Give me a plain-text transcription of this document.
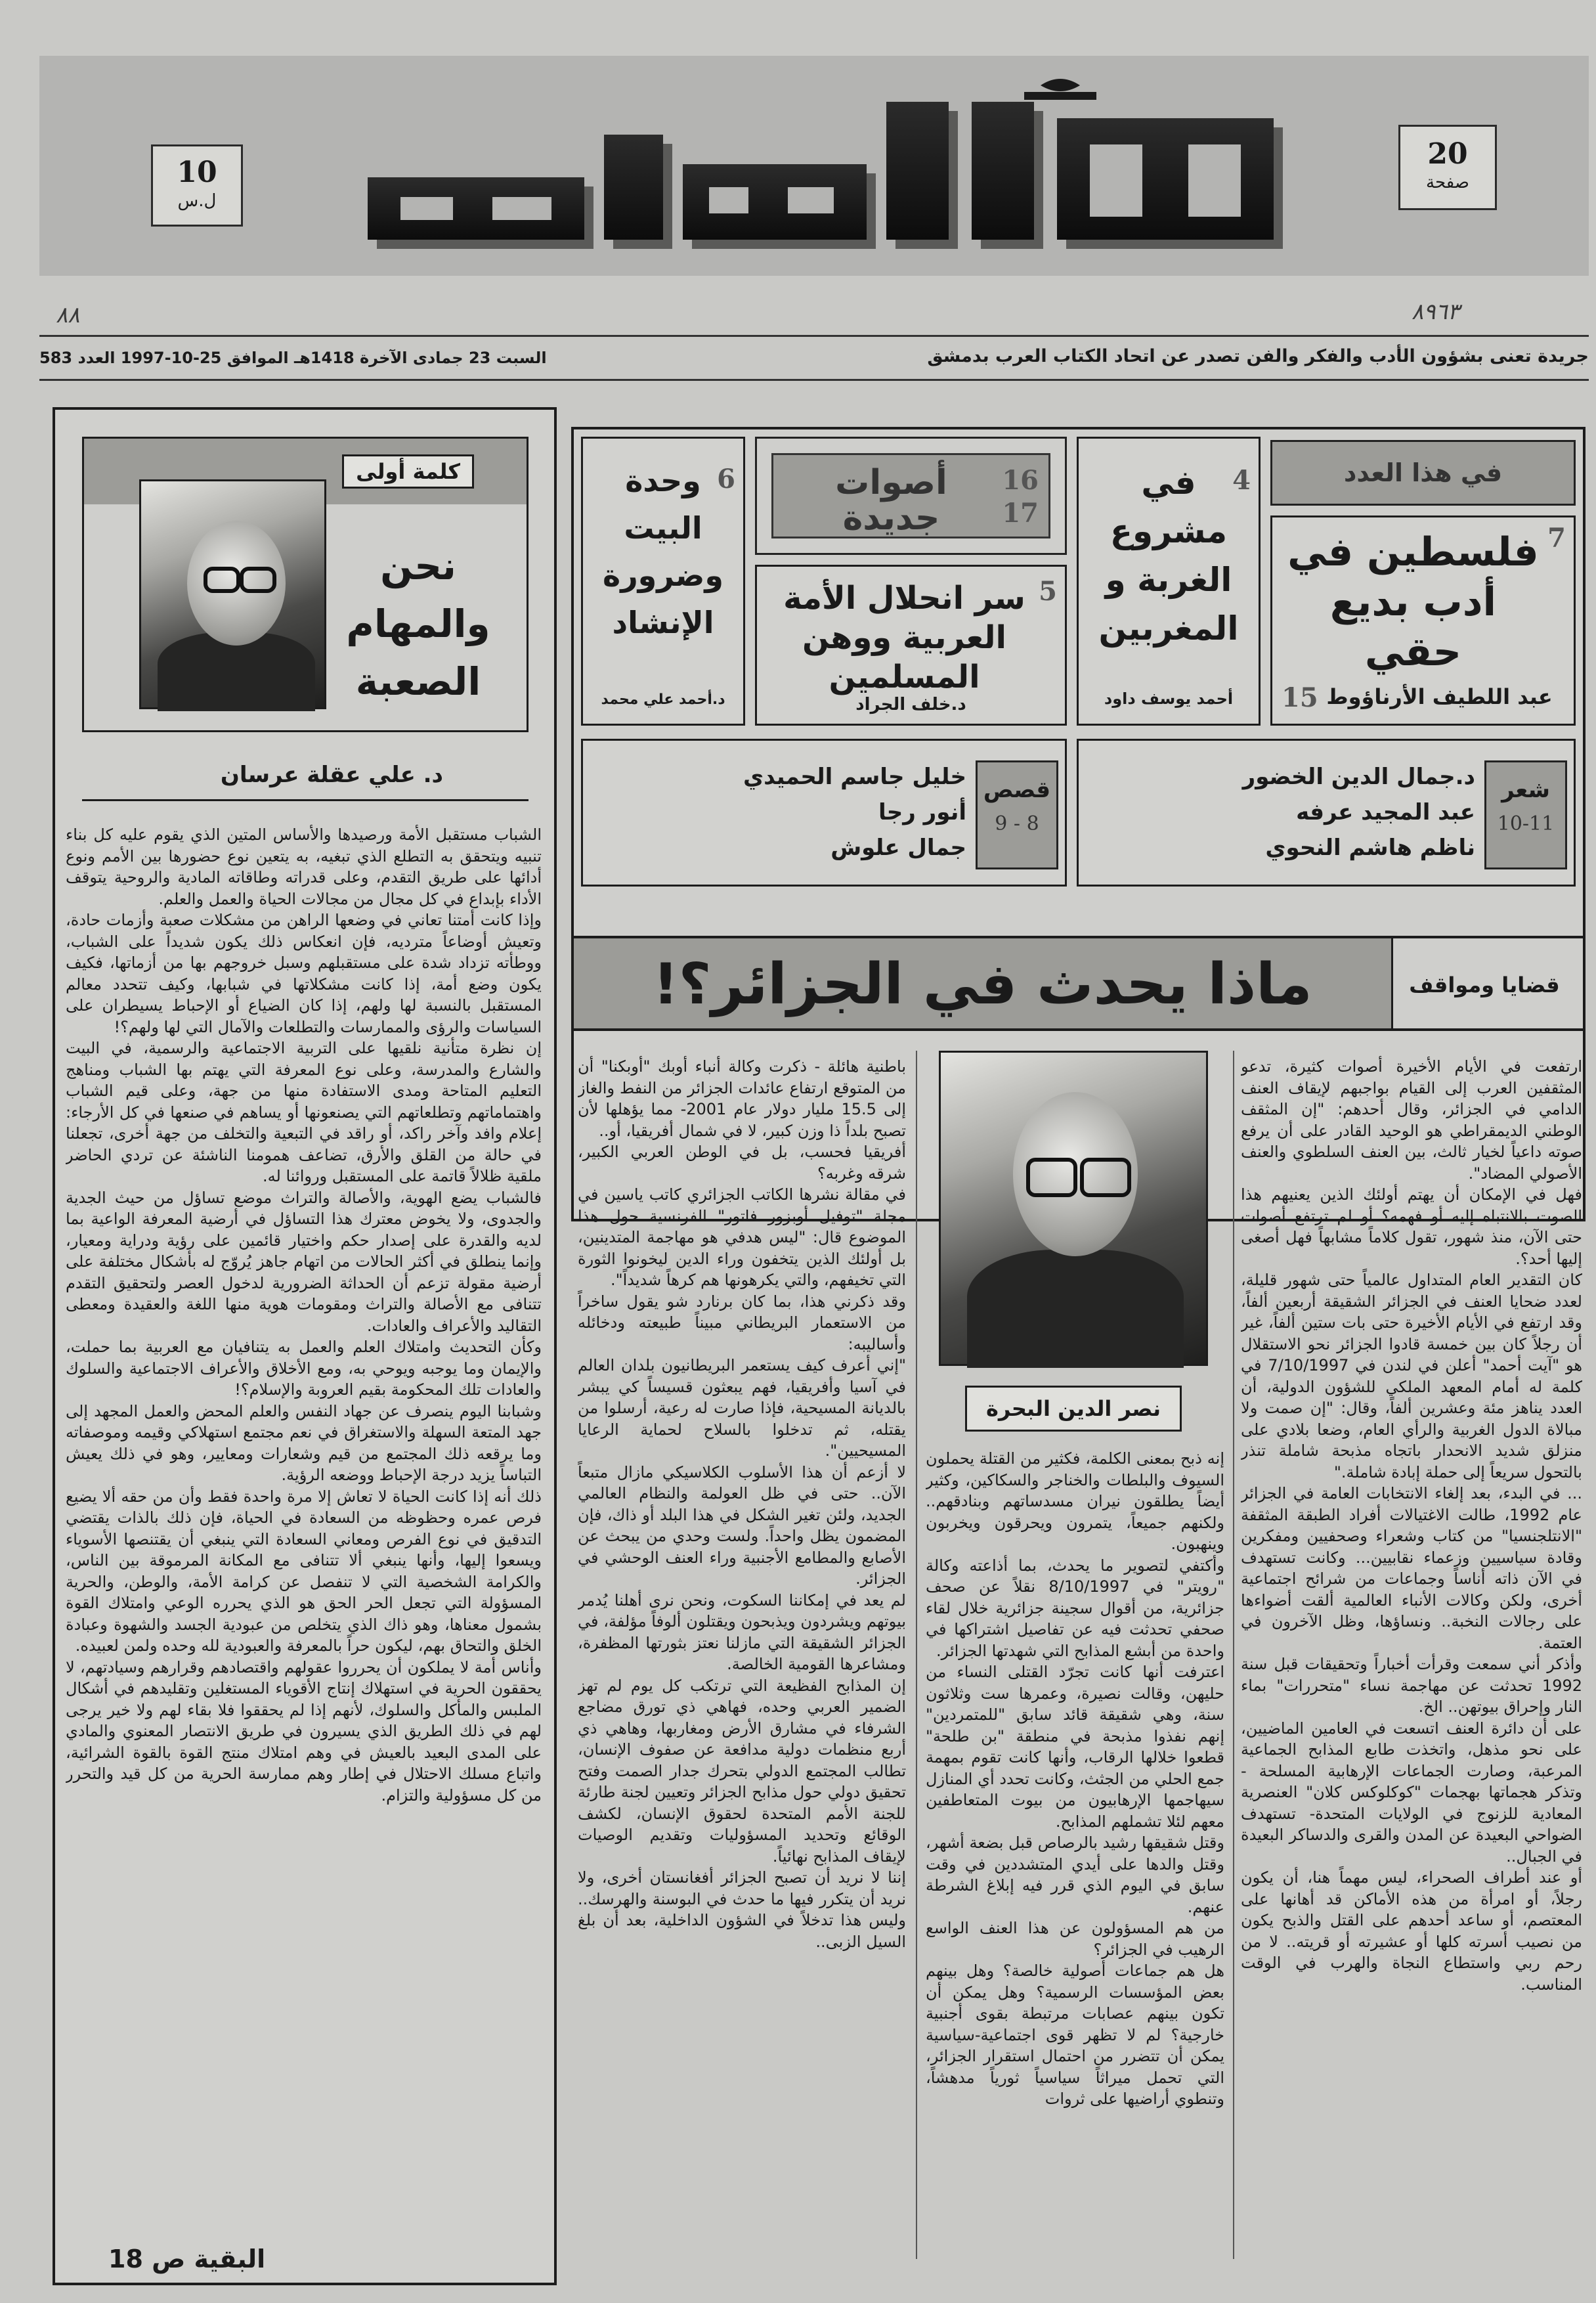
20
صفحة
10
ل.س
٨٨	٨٩٦٣
جريدة تعنى بشؤون الأدب والفكر والفن تصدر عن اتحاد الكتاب العرب بدمشق
السبت 23 جمادى الآخرة 1418هـ الموافق 25-10-1997 العدد 583
في هذا العدد
7
فلسطين في أدب بديع حقي
15 عبد اللطيف الأرناؤوط
4
في مشروع الغربة و المغربين
أحمد يوسف داود
16
17
أصوات جديدة
5
سر انحلال الأمة العربية ووهن المسلمين
د.خلف الجراد
6
وحدة البيت وضرورة الإنشاد
د.أحمد علي محمد
شعر
10-11
د.جمال الدين الخضور
عبد المجيد عرفه
ناظم هاشم النحوي
قصص
8 - 9
خليل جاسم الحميدي
أنور رجا
جمال علوش
كلمة أولى
نحن والمهام الصعبة
د. علي عقلة عرسان

الشباب مستقبل الأمة ورصيدها والأساس المتين الذي يقوم عليه كل بناء تنبيه ويتحقق به التطلع الذي تبغيه، به يتعين نوع حضورها بين الأمم ونوع أدائها على طريق التقدم، وعلى قدراته وطاقاته المادية والروحية يتوقف الأداء بإبداع في كل مجال من مجالات الحياة والعمل والعلم.

وإذا كانت أمتنا تعاني في وضعها الراهن من مشكلات صعبة وأزمات حادة، وتعيش أوضاعاً مترديه، فإن انعكاس ذلك يكون شديداً على الشباب، ووطأته تزداد شدة على مستقبلهم وسبل خروجهم بها من أزماتها، فكيف يكون وضع أمة، إذا كانت مشكلاتها في شبابها، وكيف تتحدد معالم المستقبل بالنسبة لها ولهم، إذا كان الضياع أو الإحباط يسيطران على السياسات والرؤى والممارسات والتطلعات والآمال التي لها ولهم؟!

إن نظرة متأنية نلقيها على التربية الاجتماعية والرسمية، في البيت والشارع والمدرسة، وعلى نوع المعرفة التي يهتم بها الشباب ومناهج التعليم المتاحة ومدى الاستفادة منها من جهة، وعلى قيم الشباب واهتماماتهم وتطلعاتهم التي يصنعونها أو يساهم في صنعها في كل الأرجاء: إعلام وافد وآخر راكد، أو راقد في التبعية والتخلف من جهة أخرى، تجعلنا في حالة من القلق والأرق، تضاعف همومنا الناشئة عن تردي الحاضر ملقية ظلالاً قاتمة على المستقبل وروائنا له.

فالشباب يضع الهوية، والأصالة والتراث موضع تساؤل من حيث الجدية والجدوى، ولا يخوض معترك هذا التساؤل في أرضية المعرفة الواعية بما لديه والقدرة على إصدار حكم واختيار قائمين على رؤية ودراية ومعيار، وإنما ينطلق في أكثر الحالات من اتهام جاهز يُروّج له بأشكال مختلفة على أرضية مقولة تزعم أن الحداثة الضرورية لدخول العصر ولتحقيق التقدم تتنافى مع الأصالة والتراث ومقومات هوية منها اللغة والعقيدة ومعطى التقاليد والأعراف والعادات.

وكأن التحديث وامتلاك العلم والعمل به يتنافيان مع العربية بما حملت، والإيمان وما يوجبه ويوحي به، ومع الأخلاق والأعراف الاجتماعية والسلوك والعادات تلك المحكومة بقيم العروبة والإسلام؟!

وشبابنا اليوم ينصرف عن جهاد النفس والعلم المحض والعمل المجهد إلى جهد المتعة السهلة والاستغراق في نعم مجتمع استهلاكي وقيمه وموصفاته وما يرقعه ذلك المجتمع من قيم وشعارات ومعايير، وهو في ذلك يعيش التباساً يزيد درجة الإحباط ووضعه الرؤية.

ذلك أنه إذا كانت الحياة لا تعاش إلا مرة واحدة فقط وأن من حقه ألا يضيع فرص عمره وحظوظه من السعادة في الحياة، فإن ذلك بالذات يقتضي التدقيق في نوع الفرص ومعاني السعادة التي ينبغي أن يقتنصها الأسوياء ويسعوا إليها، وأنها ينبغي ألا تتنافى مع المكانة المرموقة بين الناس، والكرامة الشخصية التي لا تنفصل عن كرامة الأمة، والوطن، والحرية المسؤولة التي تجعل الحر الحق هو الذي يحرره الوعي وامتلاك القوة بشمول معناها، وهو ذاك الذي يتخلص من عبودية الجسد والشهوة وعبادة الخلق والتحاق بهم، ليكون حراً بالمعرفة والعبودية لله وحده ولمن لعبيده.

وأناس أمة لا يملكون أن يحرروا عقولهم واقتصادهم وقرارهم وسيادتهم، لا يحققون الحرية في استهلاك إنتاج الأقوياء المستغلين وتقليدهم في أشكال الملبس والمأكل والسلوك، لأنهم إذا لم يحققوا فلا بقاء لهم ولا خير يرجى لهم في ذلك الطريق الذي يسيرون في طريق الانتصار المعنوي والمادي على المدى البعيد بالعيش في وهم امتلاك منتج القوة بالقوة الشرائية، واتباع مسلك الاحتلال في إطار وهم ممارسة الحرية من كل قيد والتحرر من كل مسؤولية والتزام.

البقية ص 18
قضايا ومواقف
ماذا يحدث في الجزائر؟!

ارتفعت في الأيام الأخيرة أصوات كثيرة، تدعو المثقفين العرب إلى القيام بواجبهم لإيقاف العنف الدامي في الجزائر، وقال أحدهم: "إن المثقف الوطني الديمقراطي هو الوحيد القادر على أن يرفع صوته داعياً لخيار ثالث، بين العنف السلطوي والعنف الأصولي المضاد".

فهل في الإمكان أن يهتم أولئك الذين يعنيهم هذا الصوت بالانتباه إليه أو فهمه؟ أو لم ترتفع أصوات حتى الآن، منذ شهور، تقول كلاماً مشابهاً فهل أصغى إليها أحد؟.

كان التقدير العام المتداول عالمياً حتى شهور قليلة، لعدد ضحايا العنف في الجزائر الشقيقة أربعين ألفاً، وقد ارتفع في الأيام الأخيرة حتى بات ستين ألفاً، غير أن رجلاً كان بين خمسة قادوا الجزائر نحو الاستقلال هو "آيت أحمد" أعلن في لندن في 7/10/1997 في كلمة له أمام المعهد الملكي للشؤون الدولية، أن العدد يناهز مئة وعشرين ألفاً، وقال: "إن صمت ولا مبالاة الدول الغربية والرأي العام، وضعا بلادي على منزلق شديد الانحدار باتجاه مذبحة شاملة تنذر بالتحول سريعاً إلى حملة إبادة شاملة."

... في البدء، بعد إلغاء الانتخابات العامة في الجزائر عام 1992، طالت الاغتيالات أفراد الطبقة المثقفة "الانتلجنسيا" من كتاب وشعراء وصحفيين ومفكرين وقادة سياسيين وزعماء نقابيين... وكانت تستهدف في الآن ذاته أناساً وجماعات من شرائح اجتماعية أخرى، ولكن وكالات الأنباء العالمية ألقت أضواءها على رجالات النخبة.. ونساؤها، وظل الآخرون في العتمة.

وأذكر أني سمعت وقرأت أخباراً وتحقيقات قبل سنة 1992 تحدثت عن مهاجمة نساء "متحررات" بماء النار وإحراق بيوتهن.. الخ.

على أن دائرة العنف اتسعت في العامين الماضيين، على نحو مذهل، واتخذت طابع المذابح الجماعية المرعبة، وصارت الجماعات الإرهابية المسلحة - وتذكر هجماتها بهجمات "كوكلوكس كلان" العنصرية المعادية للزنوج في الولايات المتحدة- تستهدف الضواحي البعيدة عن المدن والقرى والدساكر البعيدة في الجبال..

أو عند أطراف الصحراء، ليس مهماً هنا، أن يكون رجلاً، أو امرأة من هذه الأماكن قد أهانها على المعتصم، أو ساعد أحدهم على القتل والذبح يكون من نصيب أسرته كلها أو عشيرته أو قريته.. لا من رحم ربي واستطاع النجاة والهرب في الوقت المناسب.

نصر الدين البحرة

إنه ذبح بمعنى الكلمة، فكثير من القتلة يحملون السيوف والبلطات والخناجر والسكاكين، وكثير أيضاً يطلقون نيران مسدساتهم وبنادقهم.. ولكنهم جميعاً، يتمرون ويحرقون ويخربون وينهبون.

وأكتفي لتصوير ما يحدث، بما أذاعته وكالة "رويتر" في 8/10/1997 نقلاً عن صحف جزائرية، من أقوال سجينة جزائرية خلال لقاء صحفي تحدثت فيه عن تفاصيل اشتراكها في واحدة من أبشع المذابح التي شهدتها الجزائر.

اعترفت أنها كانت تجرّد القتلى النساء من حليهن، وقالت نصيرة، وعمرها ست وثلاثون سنة، وهي شقيقة قائد سابق "للمتمردين" إنهم نفذوا مذبحة في منطقة "بن طلحة" قطعوا خلالها الرقاب، وأنها كانت تقوم بمهمة جمع الحلي من الجثث، وكانت تحدد أي المنازل سيهاجمها الإرهابيون من بيوت المتعاطفين معهم لئلا تشملهم المذابح.

وقتل شقيقها رشيد بالرصاص قبل بضعة أشهر، وقتل والدها على أيدي المتشددين في وقت سابق في اليوم الذي قرر فيه إبلاغ الشرطة عنهم.

من هم المسؤولون عن هذا العنف الواسع الرهيب في الجزائر؟

هل هم جماعات أصولية خالصة؟ وهل بينهم بعض المؤسسات الرسمية؟ وهل يمكن أن تكون بينهم عصابات مرتبطة بقوى أجنبية خارجية؟ لم لا تظهر قوى اجتماعية-سياسية يمكن أن تتضرر من احتمال استقرار الجزائر، التي تحمل ميراثاً سياسياً ثورياً مدهشاً، وتنطوي أراضيها على ثروات

باطنية هائلة - ذكرت وكالة أنباء أوبك "أوبكنا" أن من المتوقع ارتفاع عائدات الجزائر من النفط والغاز إلى 15.5 مليار دولار عام 2001- مما يؤهلها لأن تصبح بلداً ذا وزن كبير، لا في شمال أفريقيا، أو..

أفريقيا فحسب، بل في الوطن العربي الكبير، شرقه وغربه؟

في مقالة نشرها الكاتب الجزائري كاتب ياسين في مجلة "توفيل أوبزور فاتور" الفرنسية حول هذا الموضوع قال: "ليس هدفي هو مهاجمة المتدينين، بل أولئك الذين يتخفون وراء الدين ليخونوا الثورة التي تخيفهم، والتي يكرهونها هم كرهاً شديداً".

وقد ذكرني هذا، بما كان برنارد شو يقول ساخراً من الاستعمار البريطاني مبيناً طبيعته ودخائله وأساليبه:

"إني أعرف كيف يستعمر البريطانيون بلدان العالم في آسيا وأفريقيا، فهم يبعثون قسيساً كي يبشر بالديانة المسيحية، فإذا صارت له رعية، أرسلوا من يقتله، ثم تدخلوا بالسلاح لحماية الرعايا المسيحيين".

لا أزعم أن هذا الأسلوب الكلاسيكي مازال متبعاً الآن.. حتى في ظل العولمة والنظام العالمي الجديد، ولئن تغير الشكل في هذا البلد أو ذاك، فإن المضمون يظل واحداً. ولست وحدي من يبحث عن الأصابع والمطامع الأجنبية وراء العنف الوحشي في الجزائر.

لم يعد في إمكاننا السكوت، ونحن نرى أهلنا يُدمر بيوتهم ويشردون ويذبحون ويقتلون ألوفاً مؤلفة، في الجزائر الشقيقة التي مازلنا نعتز بثورتها المظفرة، ومشاعرها القومية الخالصة.

إن المذابح الفظيعة التي ترتكب كل يوم لم تهز الضمير العربي وحده، فهاهي ذي تورق مضاجع الشرفاء في مشارق الأرض ومغاربها، وهاهي ذي أربع منظمات دولية مدافعة عن صفوف الإنسان، تطالب المجتمع الدولي بتحرك جدار الصمت وفتح تحقيق دولي حول مذابح الجزائر وتعيين لجنة طارئة للجنة الأمم المتحدة لحقوق الإنسان، لكشف الوقائع وتحديد المسؤوليات وتقديم الوصيات لإيقاف المذابح نهائياً.

إننا لا نريد أن تصبح الجزائر أفغانستان أخرى، ولا نريد أن يتكرر فيها ما حدث في البوسنة والهرسك.. وليس هذا تدخلاً في الشؤون الداخلية، بعد أن بلغ السيل الزبى..
